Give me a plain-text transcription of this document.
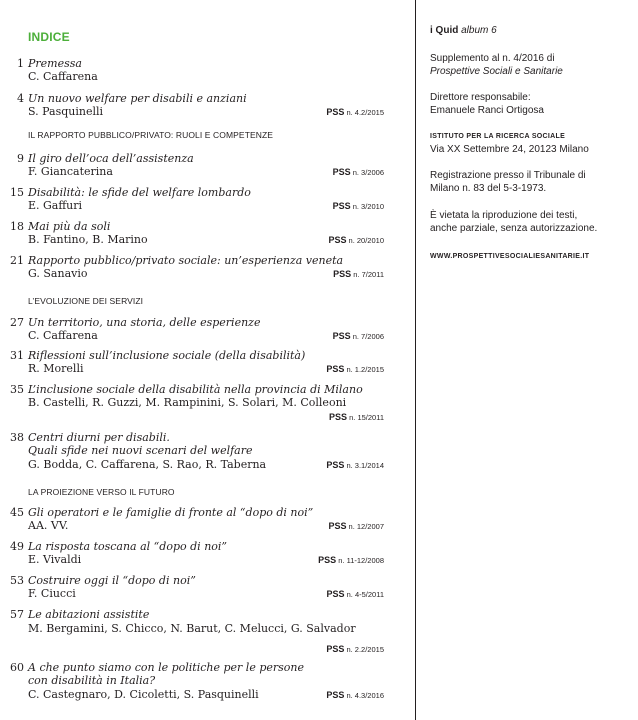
INDICE
1 Premessa
C. Caffarena
4 Un nuovo welfare per disabili e anziani
S. Pasquinelli	PSS n. 4.2/2015
IL RAPPORTO PUBBLICO/PRIVATO: RUOLI E COMPETENZE
9 Il giro dell’oca dell’assistenza
F. Giancaterina	PSS n. 3/2006
15 Disabilità: le sfide del welfare lombardo
E. Gaffuri	PSS n. 3/2010
18 Mai più da soli
B. Fantino, B. Marino	PSS n. 20/2010
21 Rapporto pubblico/privato sociale: un’esperienza veneta
G. Sanavio	PSS n. 7/2011
L’EVOLUZIONE DEI SERVIZI
27 Un territorio, una storia, delle esperienze
C. Caffarena	PSS n. 7/2006
31 Riflessioni sull’inclusione sociale (della disabilità)
R. Morelli	PSS n. 1.2/2015
35 L’inclusione sociale della disabilità nella provincia di Milano
B. Castelli, R. Guzzi, M. Rampinini, S. Solari, M. Colleoni
PSS n. 15/2011
38 Centri diurni per disabili.
Quali sfide nei nuovi scenari del welfare
G. Bodda, C. Caffarena, S. Rao, R. Taberna	PSS n. 3.1/2014
LA PROIEZIONE VERSO IL FUTURO
45 Gli operatori e le famiglie di fronte al “dopo di noi”
AA. VV.	PSS n. 12/2007
49 La risposta toscana al “dopo di noi”
E. Vivaldi	PSS n. 11-12/2008
53 Costruire oggi il “dopo di noi”
F. Ciucci	PSS n. 4-5/2011
57 Le abitazioni assistite
M. Bergamini, S. Chicco, N. Barut, C. Melucci, G. Salvador
PSS n. 2.2/2015
60 A che punto siamo con le politiche per le persone
con disabilità in Italia?
C. Castegnaro, D. Cicoletti, S. Pasquinelli	PSS n. 4.3/2016
i Quid album 6
Supplemento al n. 4/2016 di
Prospettive Sociali e Sanitarie
Direttore responsabile:
Emanuele Ranci Ortigosa
ISTITUTO PER LA RICERCA SOCIALE
Via XX Settembre 24, 20123 Milano
Registrazione presso il Tribunale di
Milano n. 83 del 5-3-1973.
È vietata la riproduzione dei testi,
anche parziale, senza autorizzazione.
WWW.PROSPETTIVESOCIALIESANITARIE.IT
